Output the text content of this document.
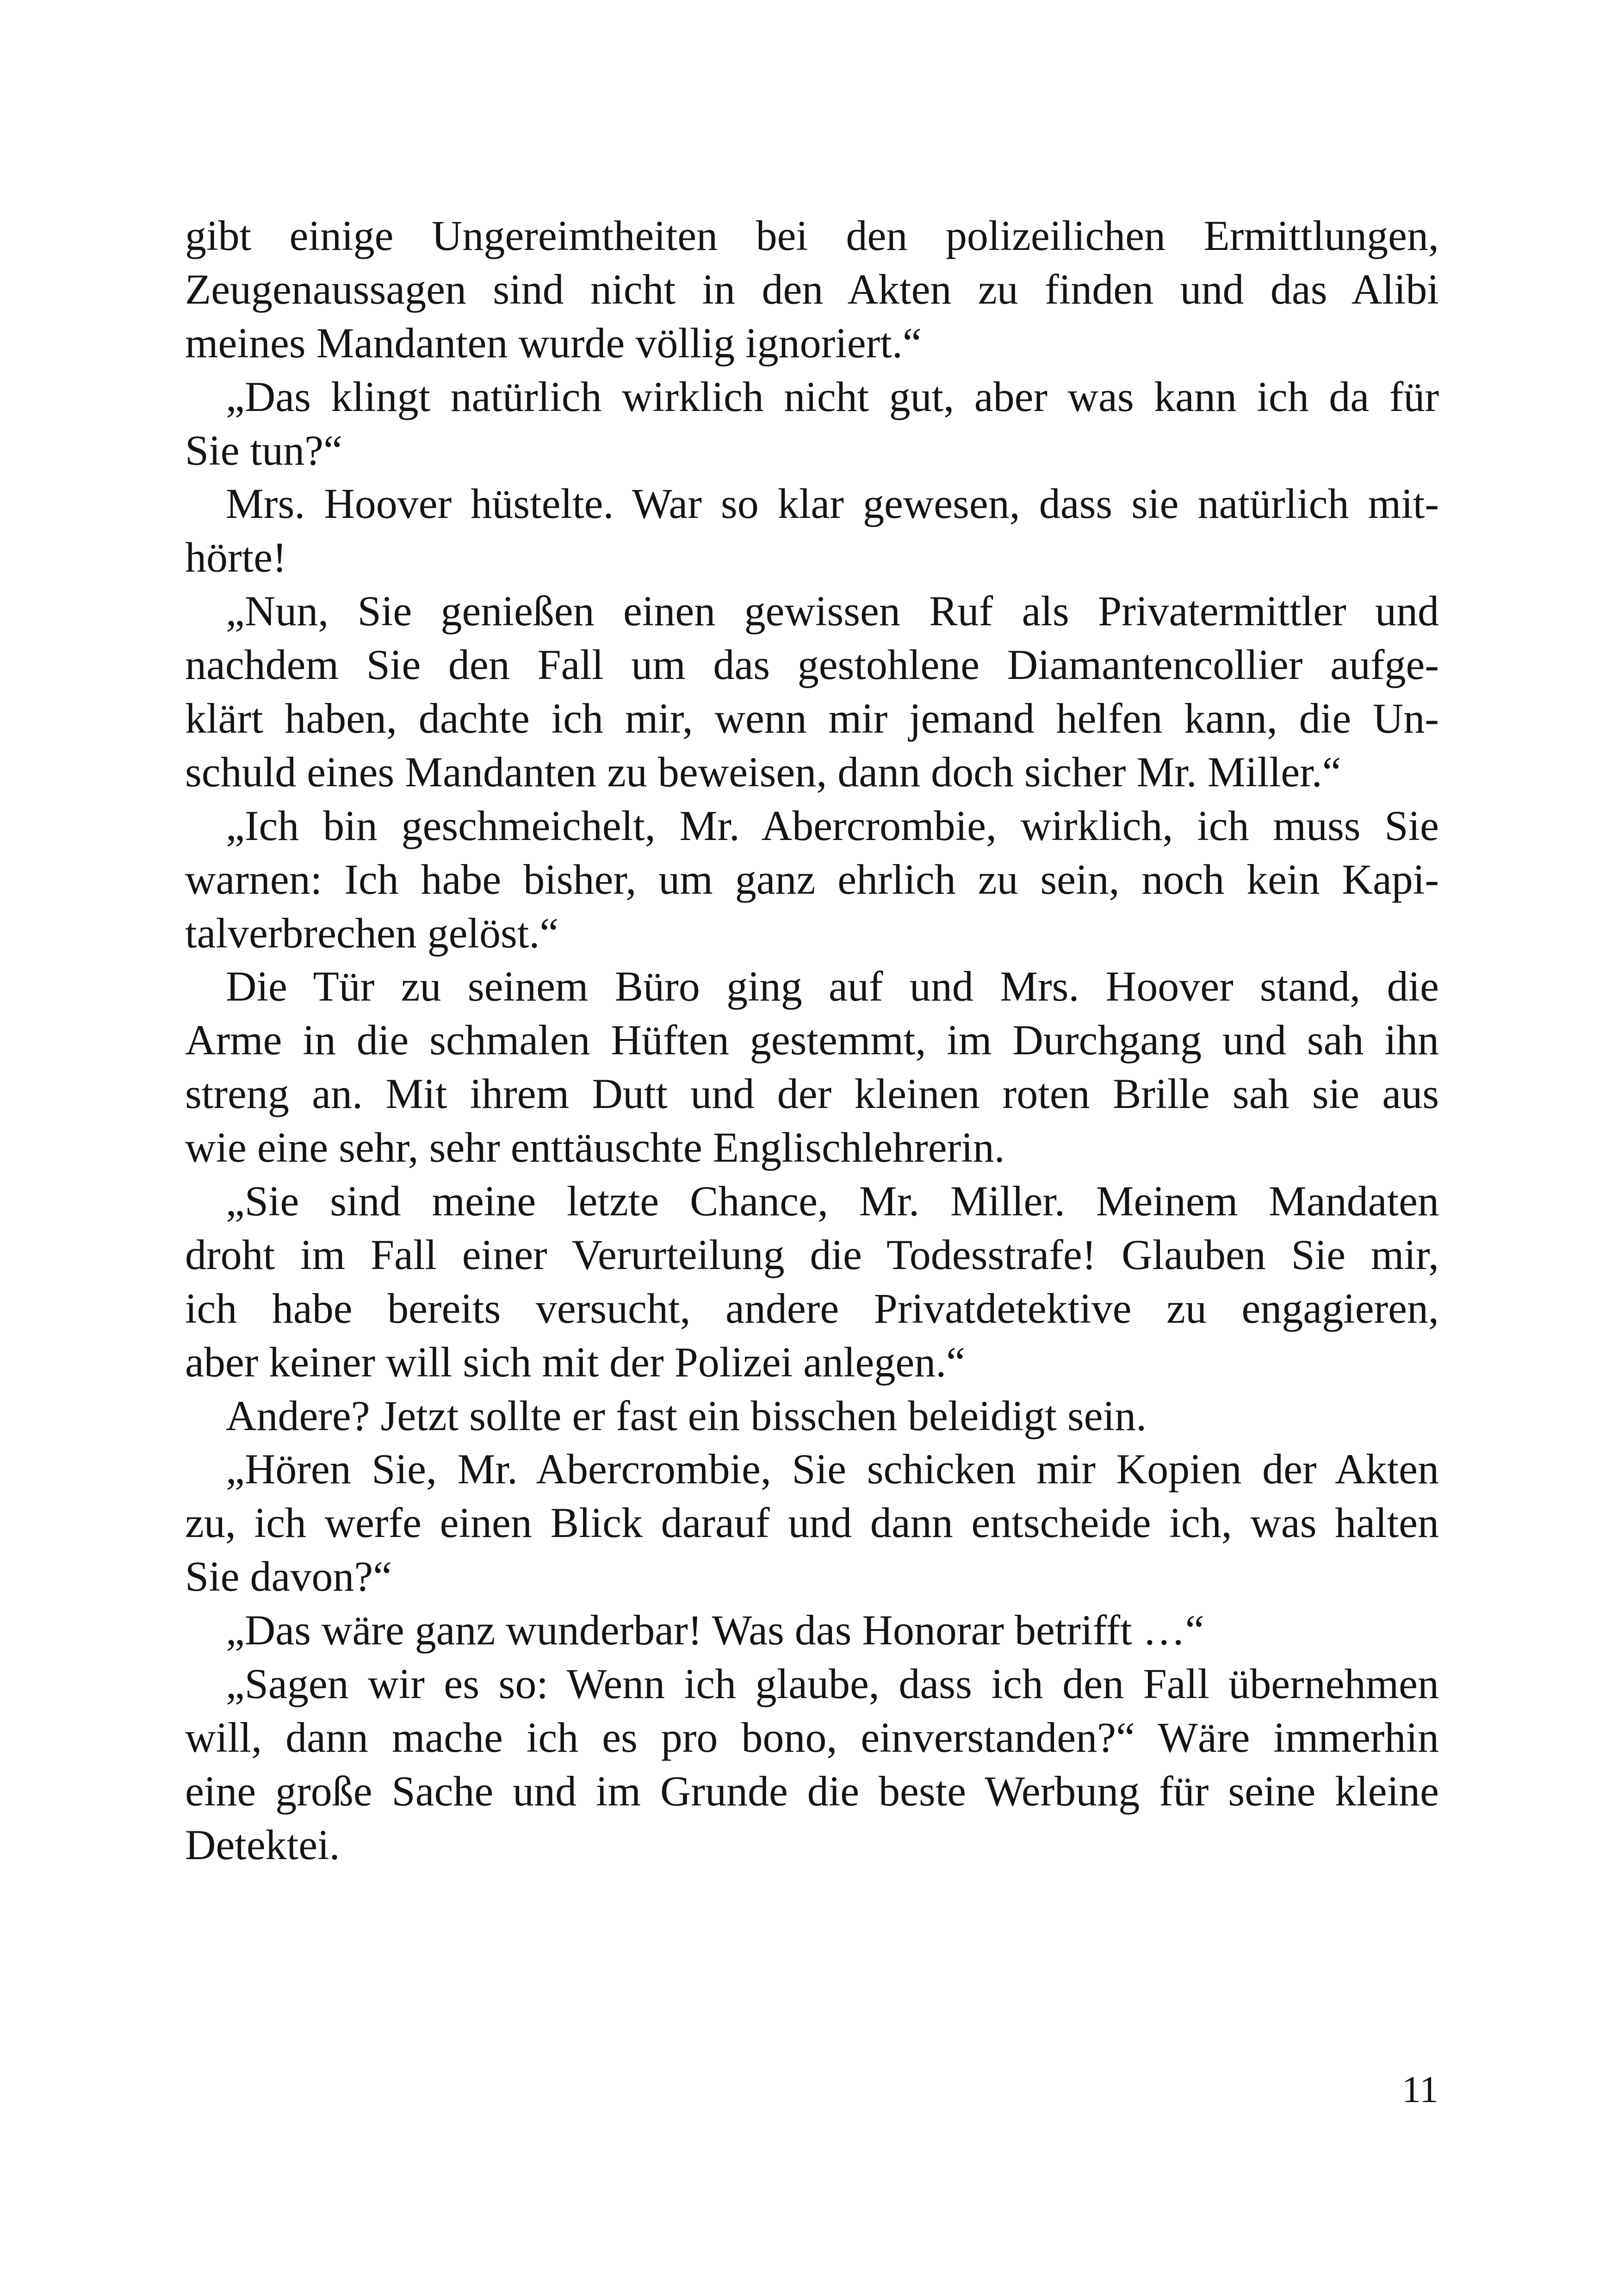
gibt einige Ungereimtheiten bei den polizeilichen Ermittlungen,
Zeugenaussagen sind nicht in den Akten zu finden und das Alibi
meines Mandanten wurde völlig ignoriert.“
„Das klingt natürlich wirklich nicht gut, aber was kann ich da für
Sie tun?“
Mrs. Hoover hüstelte. War so klar gewesen, dass sie natürlich mit-
hörte!
„Nun, Sie genießen einen gewissen Ruf als Privatermittler und
nachdem Sie den Fall um das gestohlene Diamantencollier aufge-
klärt haben, dachte ich mir, wenn mir jemand helfen kann, die Un-
schuld eines Mandanten zu beweisen, dann doch sicher Mr. Miller.“
„Ich bin geschmeichelt, Mr. Abercrombie, wirklich, ich muss Sie
warnen: Ich habe bisher, um ganz ehrlich zu sein, noch kein Kapi-
talverbrechen gelöst.“
Die Tür zu seinem Büro ging auf und Mrs. Hoover stand, die
Arme in die schmalen Hüften gestemmt, im Durchgang und sah ihn
streng an. Mit ihrem Dutt und der kleinen roten Brille sah sie aus
wie eine sehr, sehr enttäuschte Englischlehrerin.
„Sie sind meine letzte Chance, Mr. Miller. Meinem Mandaten
droht im Fall einer Verurteilung die Todesstrafe! Glauben Sie mir,
ich habe bereits versucht, andere Privatdetektive zu engagieren,
aber keiner will sich mit der Polizei anlegen.“
Andere? Jetzt sollte er fast ein bisschen beleidigt sein.
„Hören Sie, Mr. Abercrombie, Sie schicken mir Kopien der Akten
zu, ich werfe einen Blick darauf und dann entscheide ich, was halten
Sie davon?“
„Das wäre ganz wunderbar! Was das Honorar betrifft …“
„Sagen wir es so: Wenn ich glaube, dass ich den Fall übernehmen
will, dann mache ich es pro bono, einverstanden?“ Wäre immerhin
eine große Sache und im Grunde die beste Werbung für seine kleine
Detektei.
11
